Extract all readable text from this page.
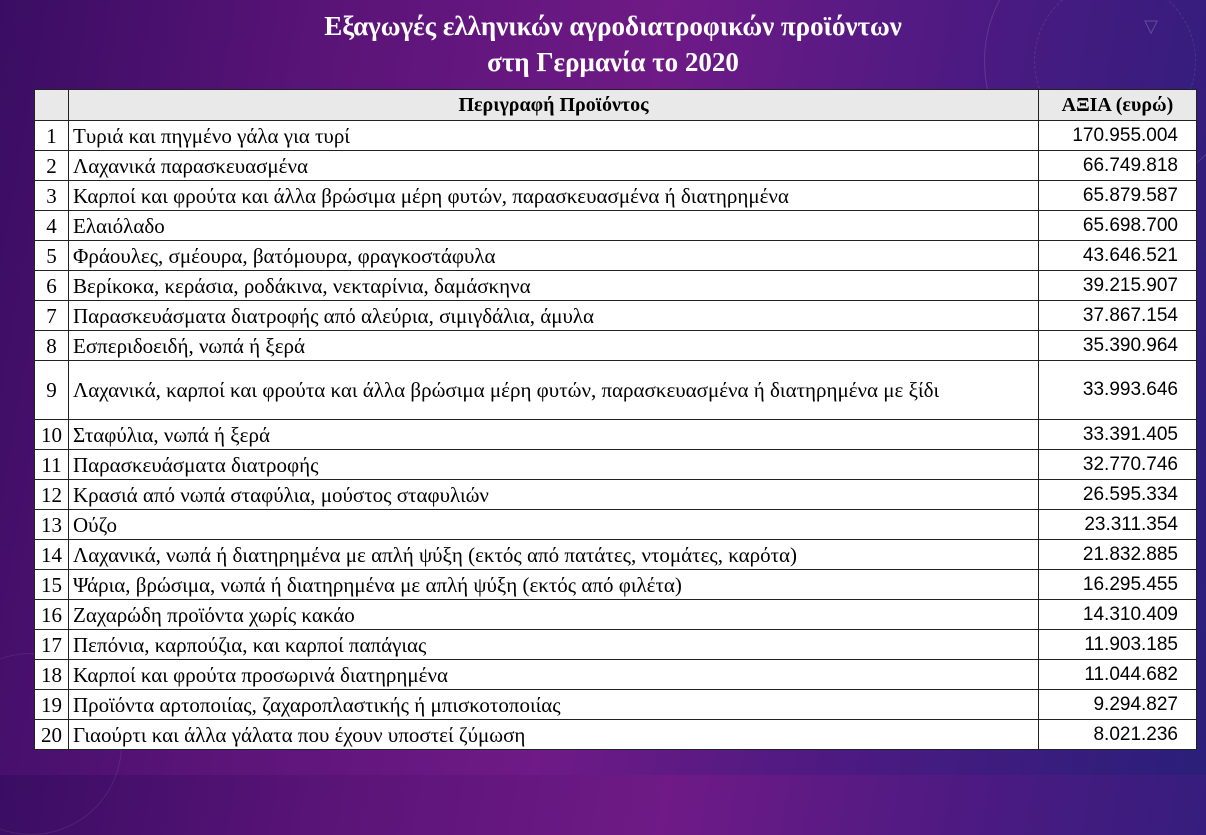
▽
Εξαγωγές ελληνικών αγροδιατροφικών προϊόντων
στη Γερμανία το 2020
	Περιγραφή Προϊόντος	ΑΞΙΑ (ευρώ)
1	Τυριά και πηγμένο γάλα για τυρί	170.955.004
2	Λαχανικά παρασκευασμένα	66.749.818
3	Καρποί και φρούτα και άλλα βρώσιμα μέρη φυτών, παρασκευασμένα ή διατηρημένα	65.879.587
4	Ελαιόλαδο	65.698.700
5	Φράουλες, σμέουρα, βατόμουρα, φραγκοστάφυλα	43.646.521
6	Βερίκοκα, κεράσια, ροδάκινα, νεκταρίνια, δαμάσκηνα	39.215.907
7	Παρασκευάσματα διατροφής από αλεύρια, σιμιγδάλια, άμυλα	37.867.154
8	Εσπεριδοειδή, νωπά ή ξερά	35.390.964
9	Λαχανικά, καρποί και φρούτα και άλλα βρώσιμα μέρη φυτών, παρασκευασμένα ή διατηρημένα με ξίδι	33.993.646
10	Σταφύλια, νωπά ή ξερά	33.391.405
11	Παρασκευάσματα διατροφής	32.770.746
12	Κρασιά από νωπά σταφύλια, μούστος σταφυλιών	26.595.334
13	Ούζο	23.311.354
14	Λαχανικά, νωπά ή διατηρημένα με απλή ψύξη (εκτός από πατάτες, ντομάτες, καρότα)	21.832.885
15	Ψάρια, βρώσιμα, νωπά ή διατηρημένα με απλή ψύξη (εκτός από φιλέτα)	16.295.455
16	Ζαχαρώδη προϊόντα χωρίς κακάο	14.310.409
17	Πεπόνια, καρπούζια, και καρποί παπάγιας	11.903.185
18	Καρποί και φρούτα προσωρινά διατηρημένα	11.044.682
19	Προϊόντα αρτοποιίας, ζαχαροπλαστικής ή μπισκοτοποιίας	9.294.827
20	Γιαούρτι και άλλα γάλατα που έχουν υποστεί ζύμωση	8.021.236
